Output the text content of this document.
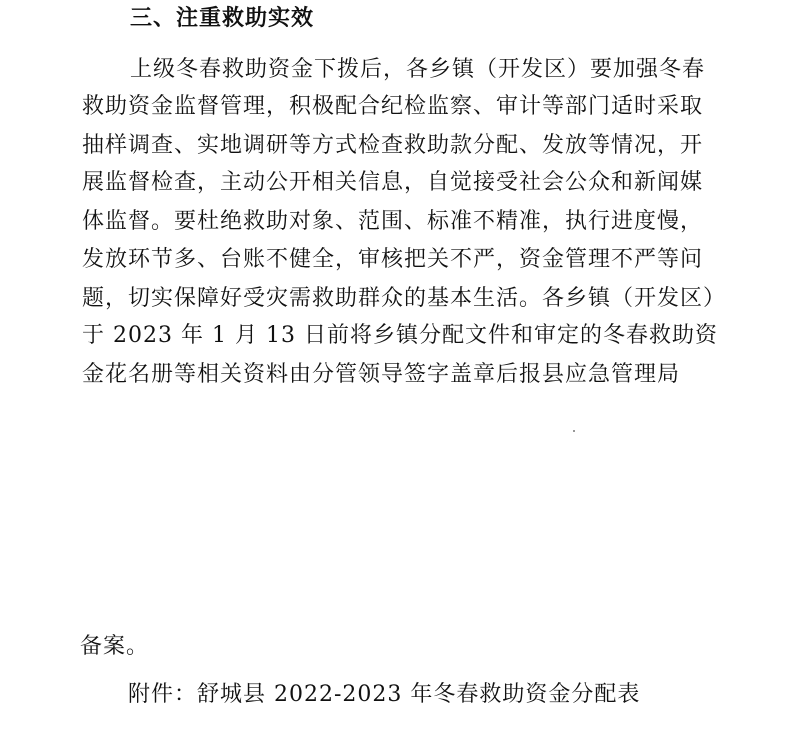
三、注重救助实效
上级冬春救助资金下拨后，各乡镇（开发区）要加强冬春
救助资金监督管理，积极配合纪检监察、审计等部门适时采取
抽样调查、实地调研等方式检查救助款分配、发放等情况，开
展监督检查，主动公开相关信息，自觉接受社会公众和新闻媒
体监督。要杜绝救助对象、范围、标准不精准，执行进度慢，
发放环节多、台账不健全，审核把关不严，资金管理不严等问
题，切实保障好受灾需救助群众的基本生活。各乡镇（开发区）
于 2023 年 1 月 13 日前将乡镇分配文件和审定的冬春救助资
金花名册等相关资料由分管领导签字盖章后报县应急管理局
备案。
附件：舒城县 2022-2023 年冬春救助资金分配表
